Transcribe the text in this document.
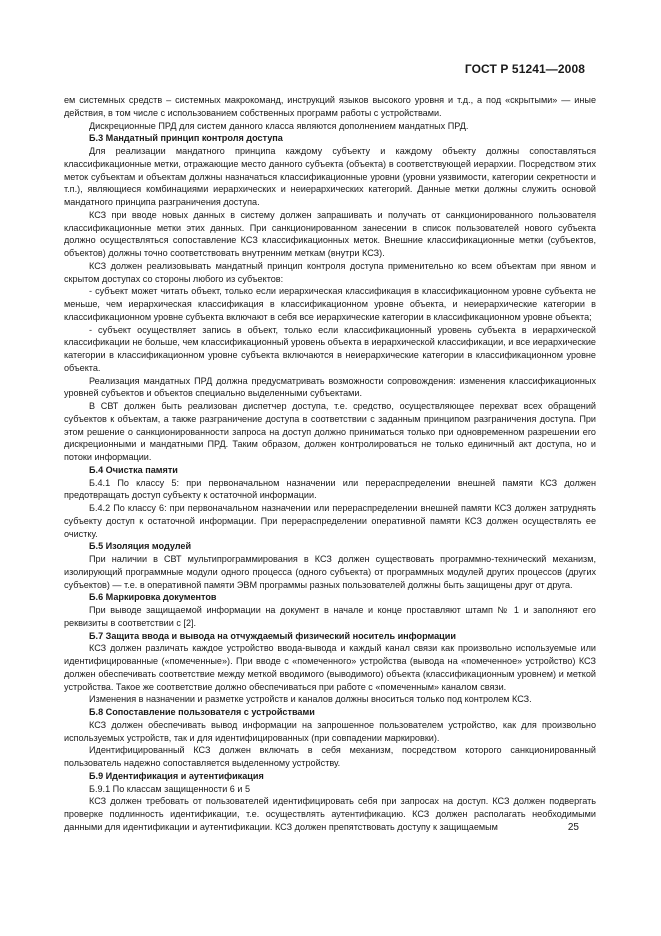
ГОСТ Р 51241—2008

ем системных средств – системных макрокоманд, инструкций языков высокого уровня и т.д., а под «скрытыми» — иные действия, в том числе с использованием собственных программ работы с устройствами.

Дискреционные ПРД для систем данного класса являются дополнением мандатных ПРД.

Б.3 Мандатный принцип контроля доступа

Для реализации мандатного принципа каждому субъекту и каждому объекту должны сопоставляться классификационные метки, отражающие место данного субъекта (объекта) в соответствующей иерархии. Посредством этих меток субъектам и объектам должны назначаться классификационные уровни (уровни уязвимости, категории секретности и т.п.), являющиеся комбинациями иерархических и неиерархических категорий. Данные метки должны служить основой мандатного принципа разграничения доступа.

КСЗ при вводе новых данных в систему должен запрашивать и получать от санкционированного пользователя классификационные метки этих данных. При санкционированном занесении в список пользователей нового субъекта должно осуществляться сопоставление КСЗ классификационных меток. Внешние классификационные метки (субъектов, объектов) должны точно соответствовать внутренним меткам (внутри КСЗ).

КСЗ должен реализовывать мандатный принцип контроля доступа применительно ко всем объектам при явном и скрытом доступах со стороны любого из субъектов:

- субъект может читать объект, только если иерархическая классификация в классификационном уровне субъекта не меньше, чем иерархическая классификация в классификационном уровне объекта, и неиерархические категории в классификационном уровне субъекта включают в себя все иерархические категории в классификационном уровне объекта;

- субъект осуществляет запись в объект, только если классификационный уровень субъекта в иерархической классификации не больше, чем классификационный уровень объекта в иерархической классификации, и все иерархические категории в классификационном уровне субъекта включаются в неиерархические категории в классификационном уровне объекта.

Реализация мандатных ПРД должна предусматривать возможности сопровождения: изменения классификационных уровней субъектов и объектов специально выделенными субъектами.

В СВТ должен быть реализован диспетчер доступа, т.е. средство, осуществляющее перехват всех обращений субъектов к объектам, а также разграничение доступа в соответствии с заданным принципом разграничения доступа. При этом решение о санкционированности запроса на доступ должно приниматься только при одновременном разрешении его дискреционными и мандатными ПРД. Таким образом, должен контролироваться не только единичный акт доступа, но и потоки информации.

Б.4 Очистка памяти

Б.4.1 По классу 5: при первоначальном назначении или перераспределении внешней памяти КСЗ должен предотвращать доступ субъекту к остаточной информации.

Б.4.2 По классу 6: при первоначальном назначении или перераспределении внешней памяти КСЗ должен затруднять субъекту доступ к остаточной информации. При перераспределении оперативной памяти КСЗ должен осуществлять ее очистку.

Б.5 Изоляция модулей

При наличии в СВТ мультипрограммирования в КСЗ должен существовать программно-технический механизм, изолирующий программные модули одного процесса (одного субъекта) от программных модулей других процессов (других субъектов) — т.е. в оперативной памяти ЭВМ программы разных пользователей должны быть защищены друг от друга.

Б.6 Маркировка документов

При выводе защищаемой информации на документ в начале и конце проставляют штамп № 1 и заполняют его реквизиты в соответствии с [2].

Б.7 Защита ввода и вывода на отчуждаемый физический носитель информации

КСЗ должен различать каждое устройство ввода-вывода и каждый канал связи как произвольно используемые или идентифицированные («помеченные»). При вводе с «помеченного» устройства (вывода на «помеченное» устройство) КСЗ должен обеспечивать соответствие между меткой вводимого (выводимого) объекта (классификационным уровнем) и меткой устройства. Такое же соответствие должно обеспечиваться при работе с «помеченным» каналом связи.

Изменения в назначении и разметке устройств и каналов должны вноситься только под контролем КСЗ.

Б.8 Сопоставление пользователя с устройствами

КСЗ должен обеспечивать вывод информации на запрошенное пользователем устройство, как для произвольно используемых устройств, так и для идентифицированных (при совпадении маркировки).

Идентифицированный КСЗ должен включать в себя механизм, посредством которого санкционированный пользователь надежно сопоставляется выделенному устройству.

Б.9 Идентификация и аутентификация

Б.9.1 По классам защищенности 6 и 5

КСЗ должен требовать от пользователей идентифицировать себя при запросах на доступ. КСЗ должен подвергать проверке подлинность идентификации, т.е. осуществлять аутентификацию. КСЗ должен располагать необходимыми данными для идентификации и аутентификации. КСЗ должен препятствовать доступу к защищаемым	25
